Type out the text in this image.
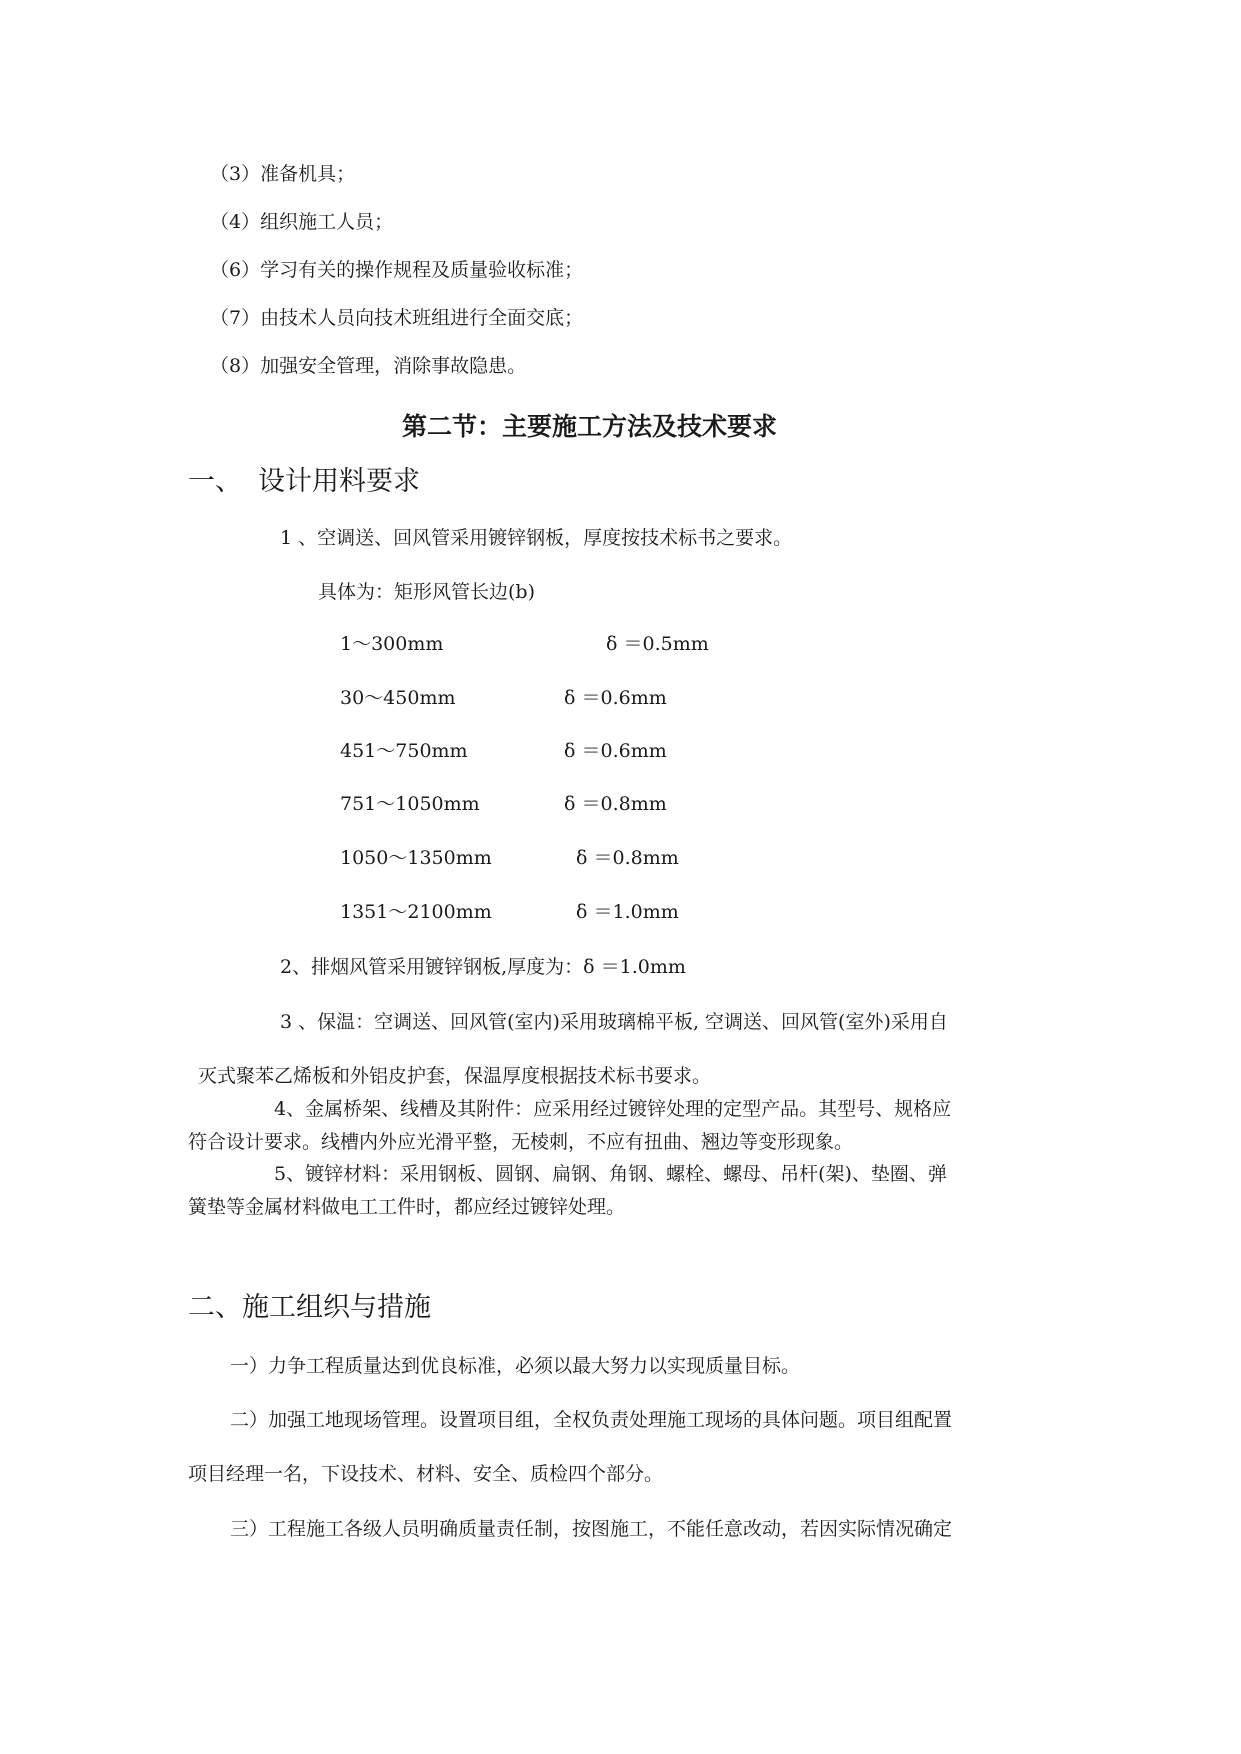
（3）准备机具；
（4）组织施工人员；
（6）学习有关的操作规程及质量验收标准；
（7）由技术人员向技术班组进行全面交底；
（8）加强安全管理，消除事故隐患。
第二节：主要施工方法及技术要求
一、 设计用料要求
1 、空调送、回风管采用镀锌钢板，厚度按技术标书之要求。
具体为：矩形风管长边(b)
1～300mm	δ ＝0.5mm
30～450mm	δ ＝0.6mm
451～750mm	δ ＝0.6mm
751～1050mm	δ ＝0.8mm
1050～1350mm	δ ＝0.8mm
1351～2100mm	δ ＝1.0mm
2、排烟风管采用镀锌钢板,厚度为：δ ＝1.0mm
3 、保温：空调送、回风管(室内)采用玻璃棉平板, 空调送、回风管(室外)采用自
灭式聚苯乙烯板和外铝皮护套，保温厚度根据技术标书要求。
4、金属桥架、线槽及其附件：应采用经过镀锌处理的定型产品。其型号、规格应
符合设计要求。线槽内外应光滑平整，无棱刺，不应有扭曲、翘边等变形现象。
5、镀锌材料：采用钢板、圆钢、扁钢、角钢、螺栓、螺母、吊杆(架)、垫圈、弹
簧垫等金属材料做电工工件时，都应经过镀锌处理。
二、施工组织与措施
一）力争工程质量达到优良标准，必须以最大努力以实现质量目标。
二）加强工地现场管理。设置项目组，全权负责处理施工现场的具体问题。项目组配置
项目经理一名，下设技术、材料、安全、质检四个部分。
三）工程施工各级人员明确质量责任制，按图施工，不能任意改动，若因实际情况确定
